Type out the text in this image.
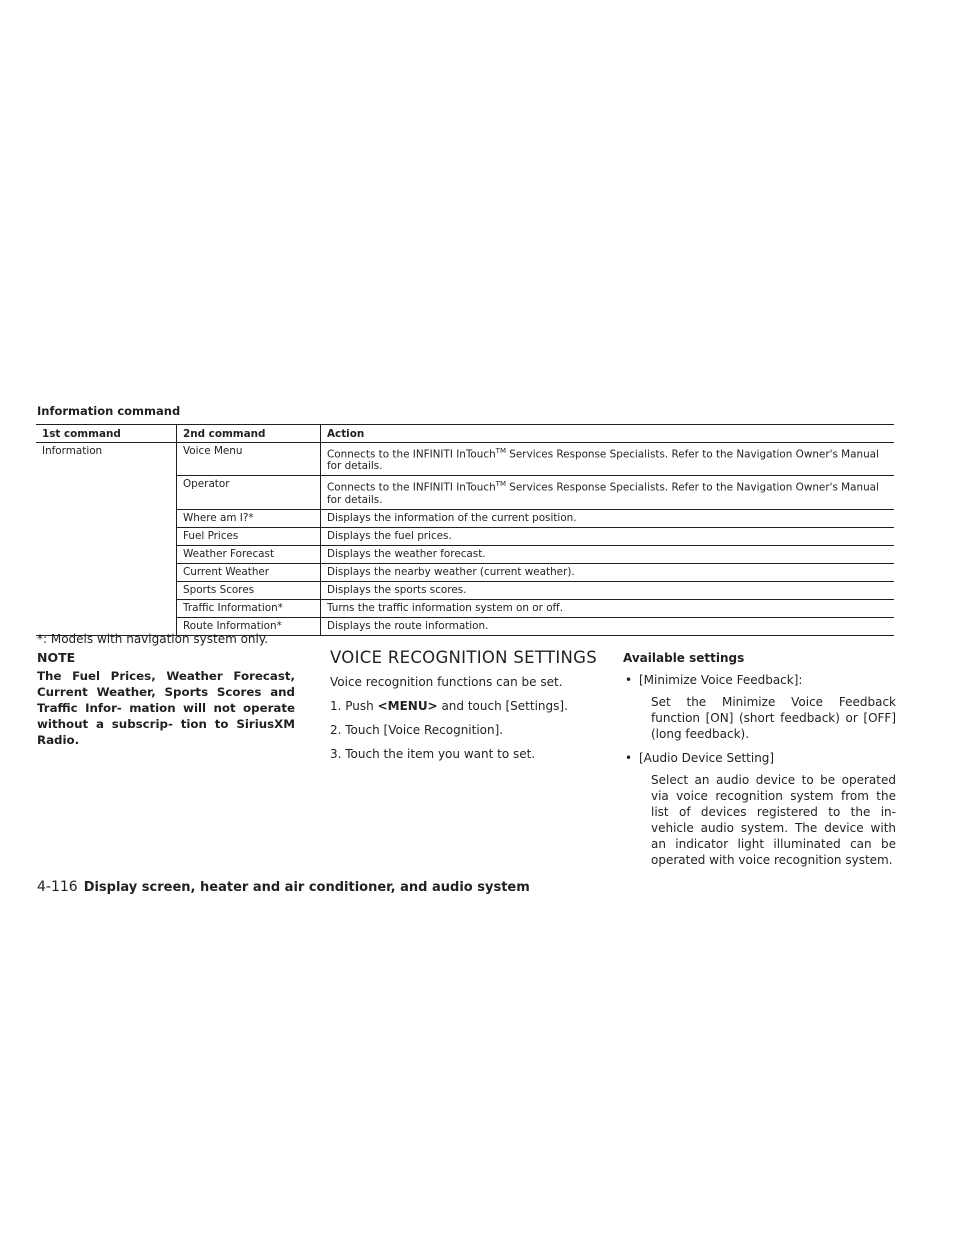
Information command
1st command	2nd command	Action
Information	Voice Menu	Connects to the INFINITI InTouch™ Services Response Specialists. Refer to the Navigation Owner's Manual for details.
	Operator	Connects to the INFINITI InTouch™ Services Response Specialists. Refer to the Navigation Owner's Manual for details.
	Where am I?*	Displays the information of the current position.
	Fuel Prices	Displays the fuel prices.
	Weather Forecast	Displays the weather forecast.
	Current Weather	Displays the nearby weather (current weather).
	Sports Scores	Displays the sports scores.
	Traffic Information*	Turns the traffic information system on or off.
	Route Information*	Displays the route information.

*: Models with navigation system only.

NOTE

The Fuel Prices, Weather Forecast, Current Weather, Sports Scores and Traffic Infor- mation will not operate without a subscrip- tion to SiriusXM Radio.

VOICE RECOGNITION SETTINGS

Voice recognition functions can be set.

1. Push <MENU> and touch [Settings].

2. Touch [Voice Recognition].

3. Touch the item you want to set.

Available settings

• [Minimize Voice Feedback]:

Set the Minimize Voice Feedback function [ON] (short feedback) or [OFF] (long feedback).

• [Audio Device Setting]

Select an audio device to be operated via voice recognition system from the list of devices registered to the in-vehicle audio system. The device with an indicator light illuminated can be operated with voice recognition system.

4-116 Display screen, heater and air conditioner, and audio system
carmanualsonline.info
